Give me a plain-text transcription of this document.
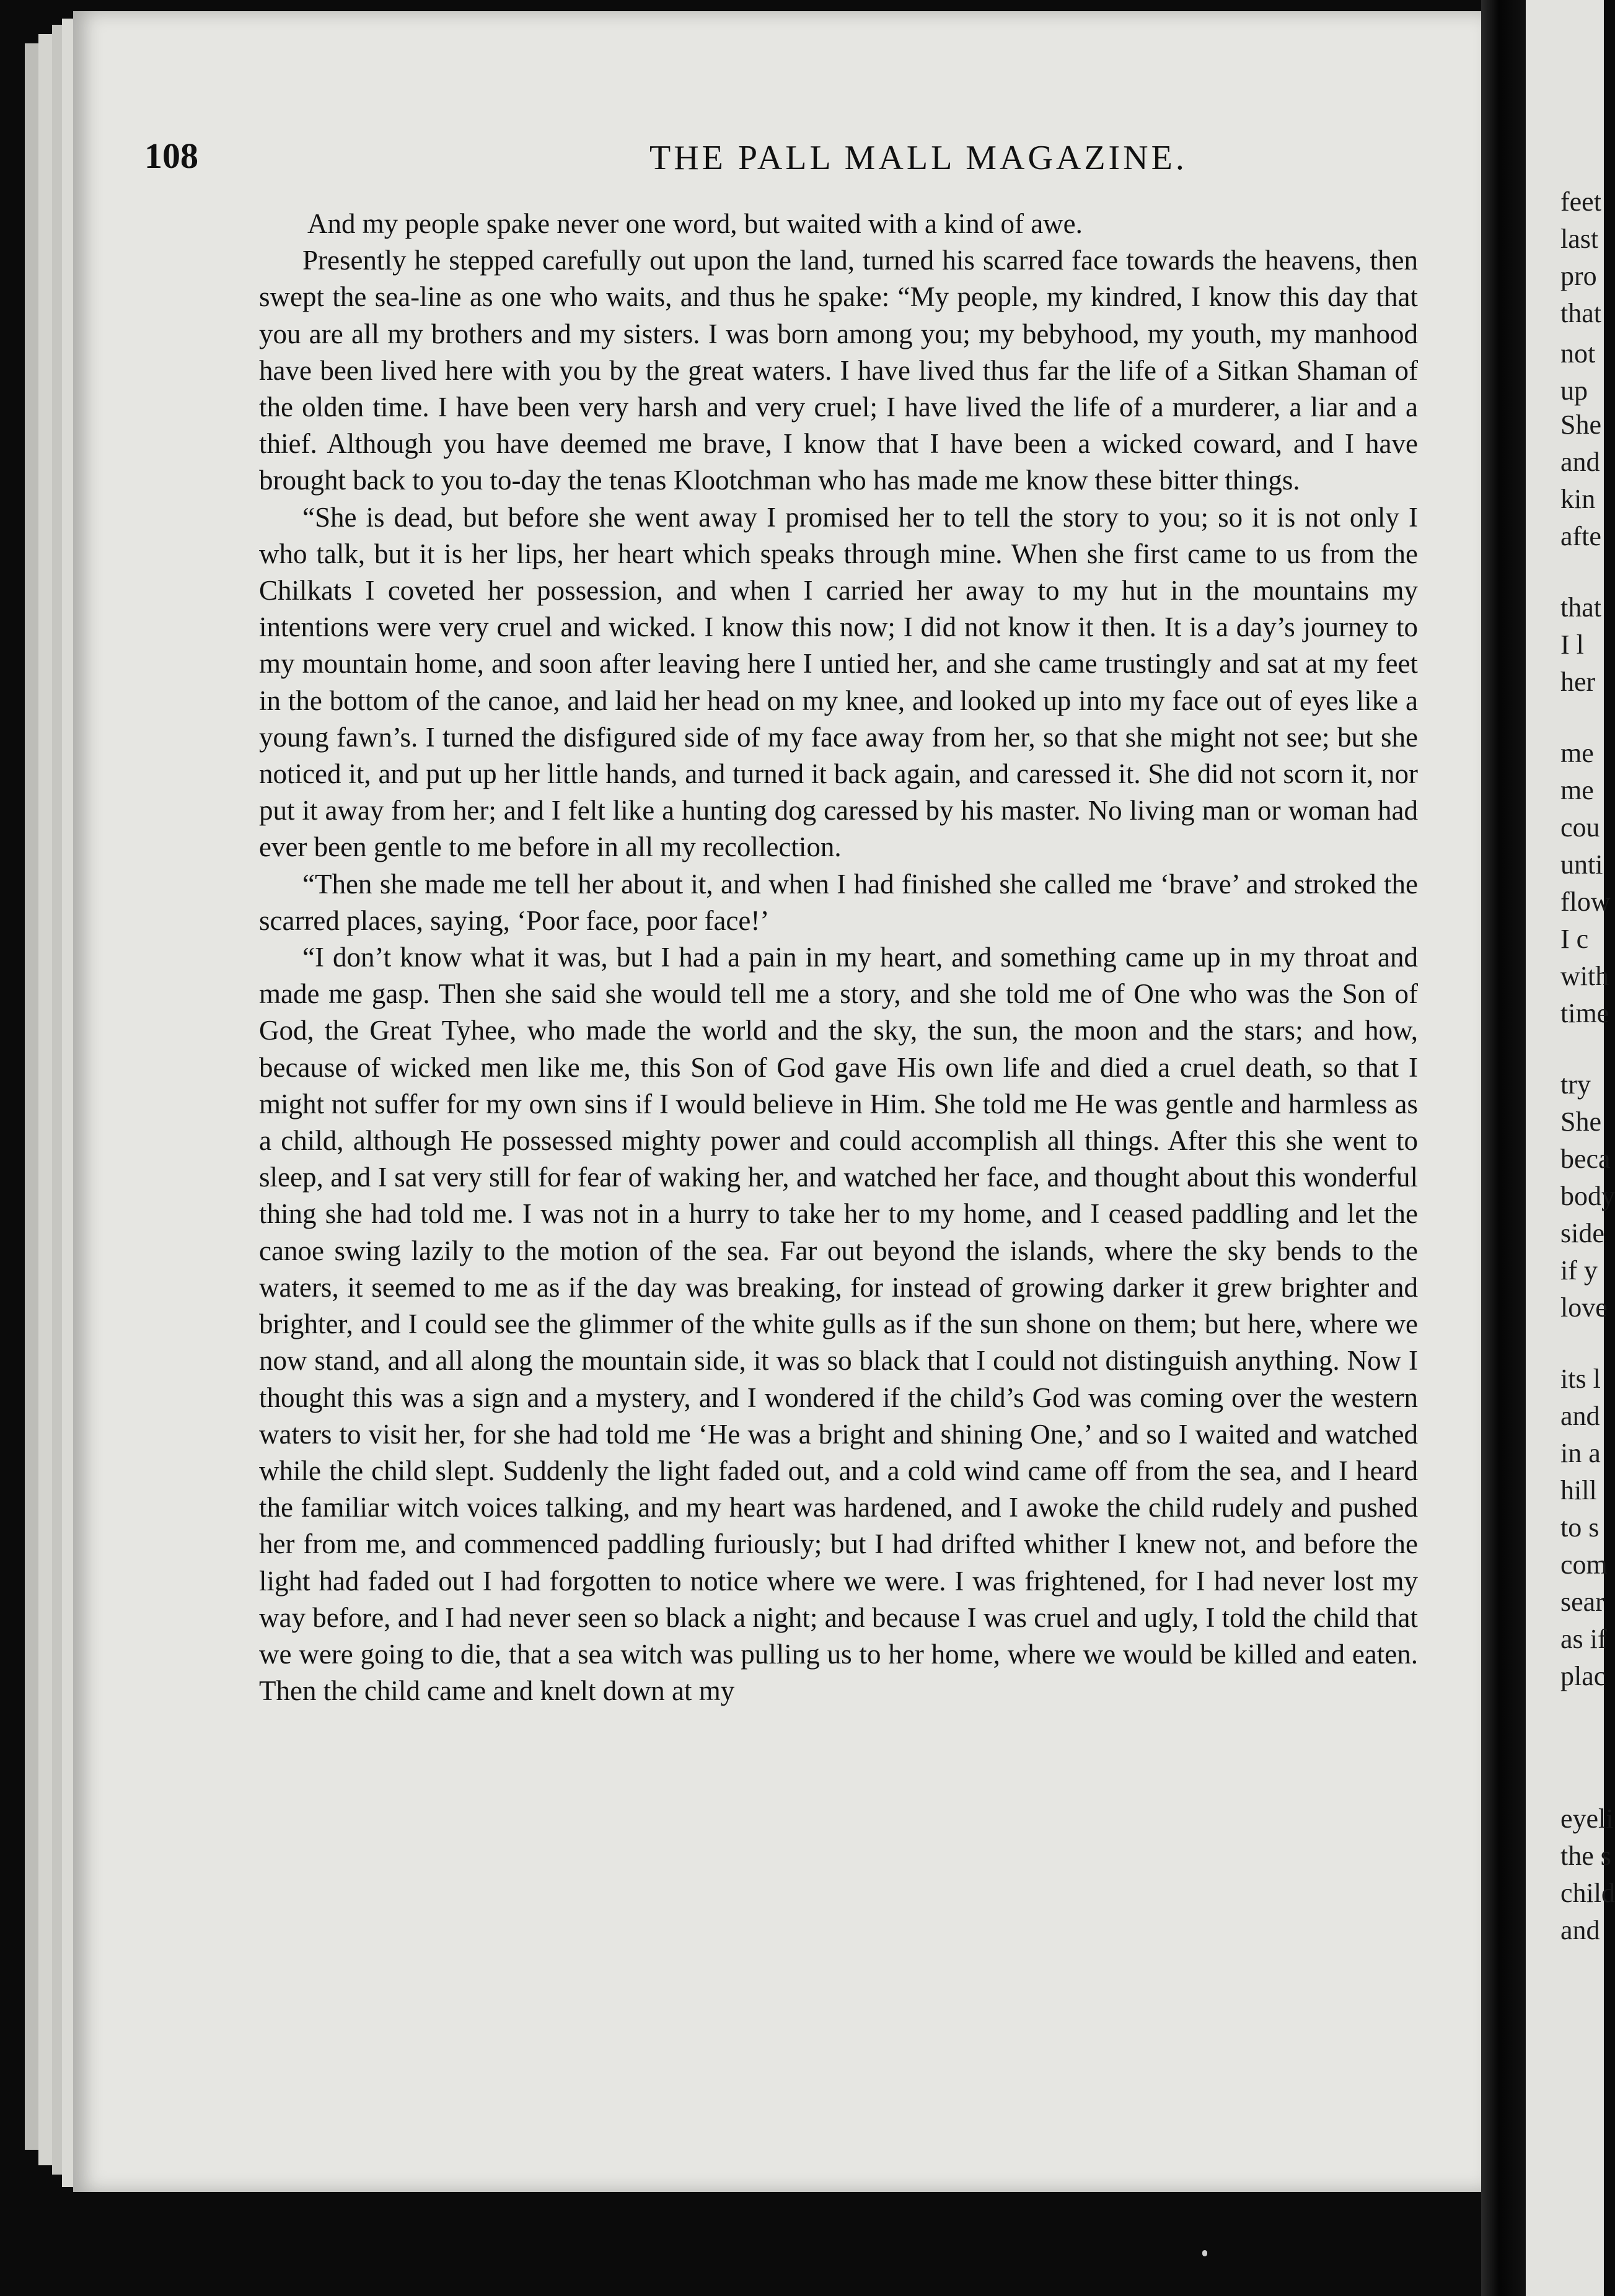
108	THE PALL MALL MAGAZINE.

And my people spake never one word, but waited with a kind of awe.

Presently he stepped carefully out upon the land, turned his scarred face towards the heavens, then swept the sea-line as one who waits, and thus he spake: “My people, my kindred, I know this day that you are all my brothers and my sisters. I was born among you; my bebyhood, my youth, my manhood have been lived here with you by the great waters. I have lived thus far the life of a Sitkan Shaman of the olden time. I have been very harsh and very cruel; I have lived the life of a murderer, a liar and a thief. Although you have deemed me brave, I know that I have been a wicked coward, and I have brought back to you to-day the tenas Klootchman who has made me know these bitter things.

“She is dead, but before she went away I promised her to tell the story to you; so it is not only I who talk, but it is her lips, her heart which speaks through mine. When she first came to us from the Chilkats I coveted her possession, and when I carried her away to my hut in the mountains my intentions were very cruel and wicked. I know this now; I did not know it then. It is a day’s journey to my mountain home, and soon after leaving here I untied her, and she came trustingly and sat at my feet in the bottom of the canoe, and laid her head on my knee, and looked up into my face out of eyes like a young fawn’s. I turned the disfigured side of my face away from her, so that she might not see; but she noticed it, and put up her little hands, and turned it back again, and caressed it. She did not scorn it, nor put it away from her; and I felt like a hunting dog caressed by his master. No living man or woman had ever been gentle to me before in all my recollection.

“Then she made me tell her about it, and when I had finished she called me ‘brave’ and stroked the scarred places, saying, ‘Poor face, poor face!’

“I don’t know what it was, but I had a pain in my heart, and something came up in my throat and made me gasp. Then she said she would tell me a story, and she told me of One who was the Son of God, the Great Tyhee, who made the world and the sky, the sun, the moon and the stars; and how, because of wicked men like me, this Son of God gave His own life and died a cruel death, so that I might not suffer for my own sins if I would believe in Him. She told me He was gentle and harmless as a child, although He possessed mighty power and could accomplish all things. After this she went to sleep, and I sat very still for fear of waking her, and watched her face, and thought about this wonderful thing she had told me. I was not in a hurry to take her to my home, and I ceased paddling and let the canoe swing lazily to the motion of the sea. Far out beyond the islands, where the sky bends to the waters, it seemed to me as if the day was breaking, for instead of growing darker it grew brighter and brighter, and I could see the glimmer of the white gulls as if the sun shone on them; but here, where we now stand, and all along the mountain side, it was so black that I could not distinguish anything. Now I thought this was a sign and a mystery, and I wondered if the child’s God was coming over the western waters to visit her, for she had told me ‘He was a bright and shining One,’ and so I waited and watched while the child slept. Suddenly the light faded out, and a cold wind came off from the sea, and I heard the familiar witch voices talking, and my heart was hardened, and I awoke the child rudely and pushed her from me, and commenced paddling furiously; but I had drifted whither I knew not, and before the light had faded out I had forgotten to notice where we were. I was frightened, for I had never lost my way before, and I had never seen so black a night; and because I was cruel and ugly, I told the child that we were going to die, that a sea witch was pulling us to her home, where we would be killed and eaten. Then the child came and knelt down at my

feet
last
pro
that
not
up
She
and
kin
afte
that
I l
her
me
me
cou
unti
flow
I c
with
time
try
She
beca
body
side
if y
love
its l
and
in a
hill
to s
com
sear
as if
plac
eyeli
the s
child
and
